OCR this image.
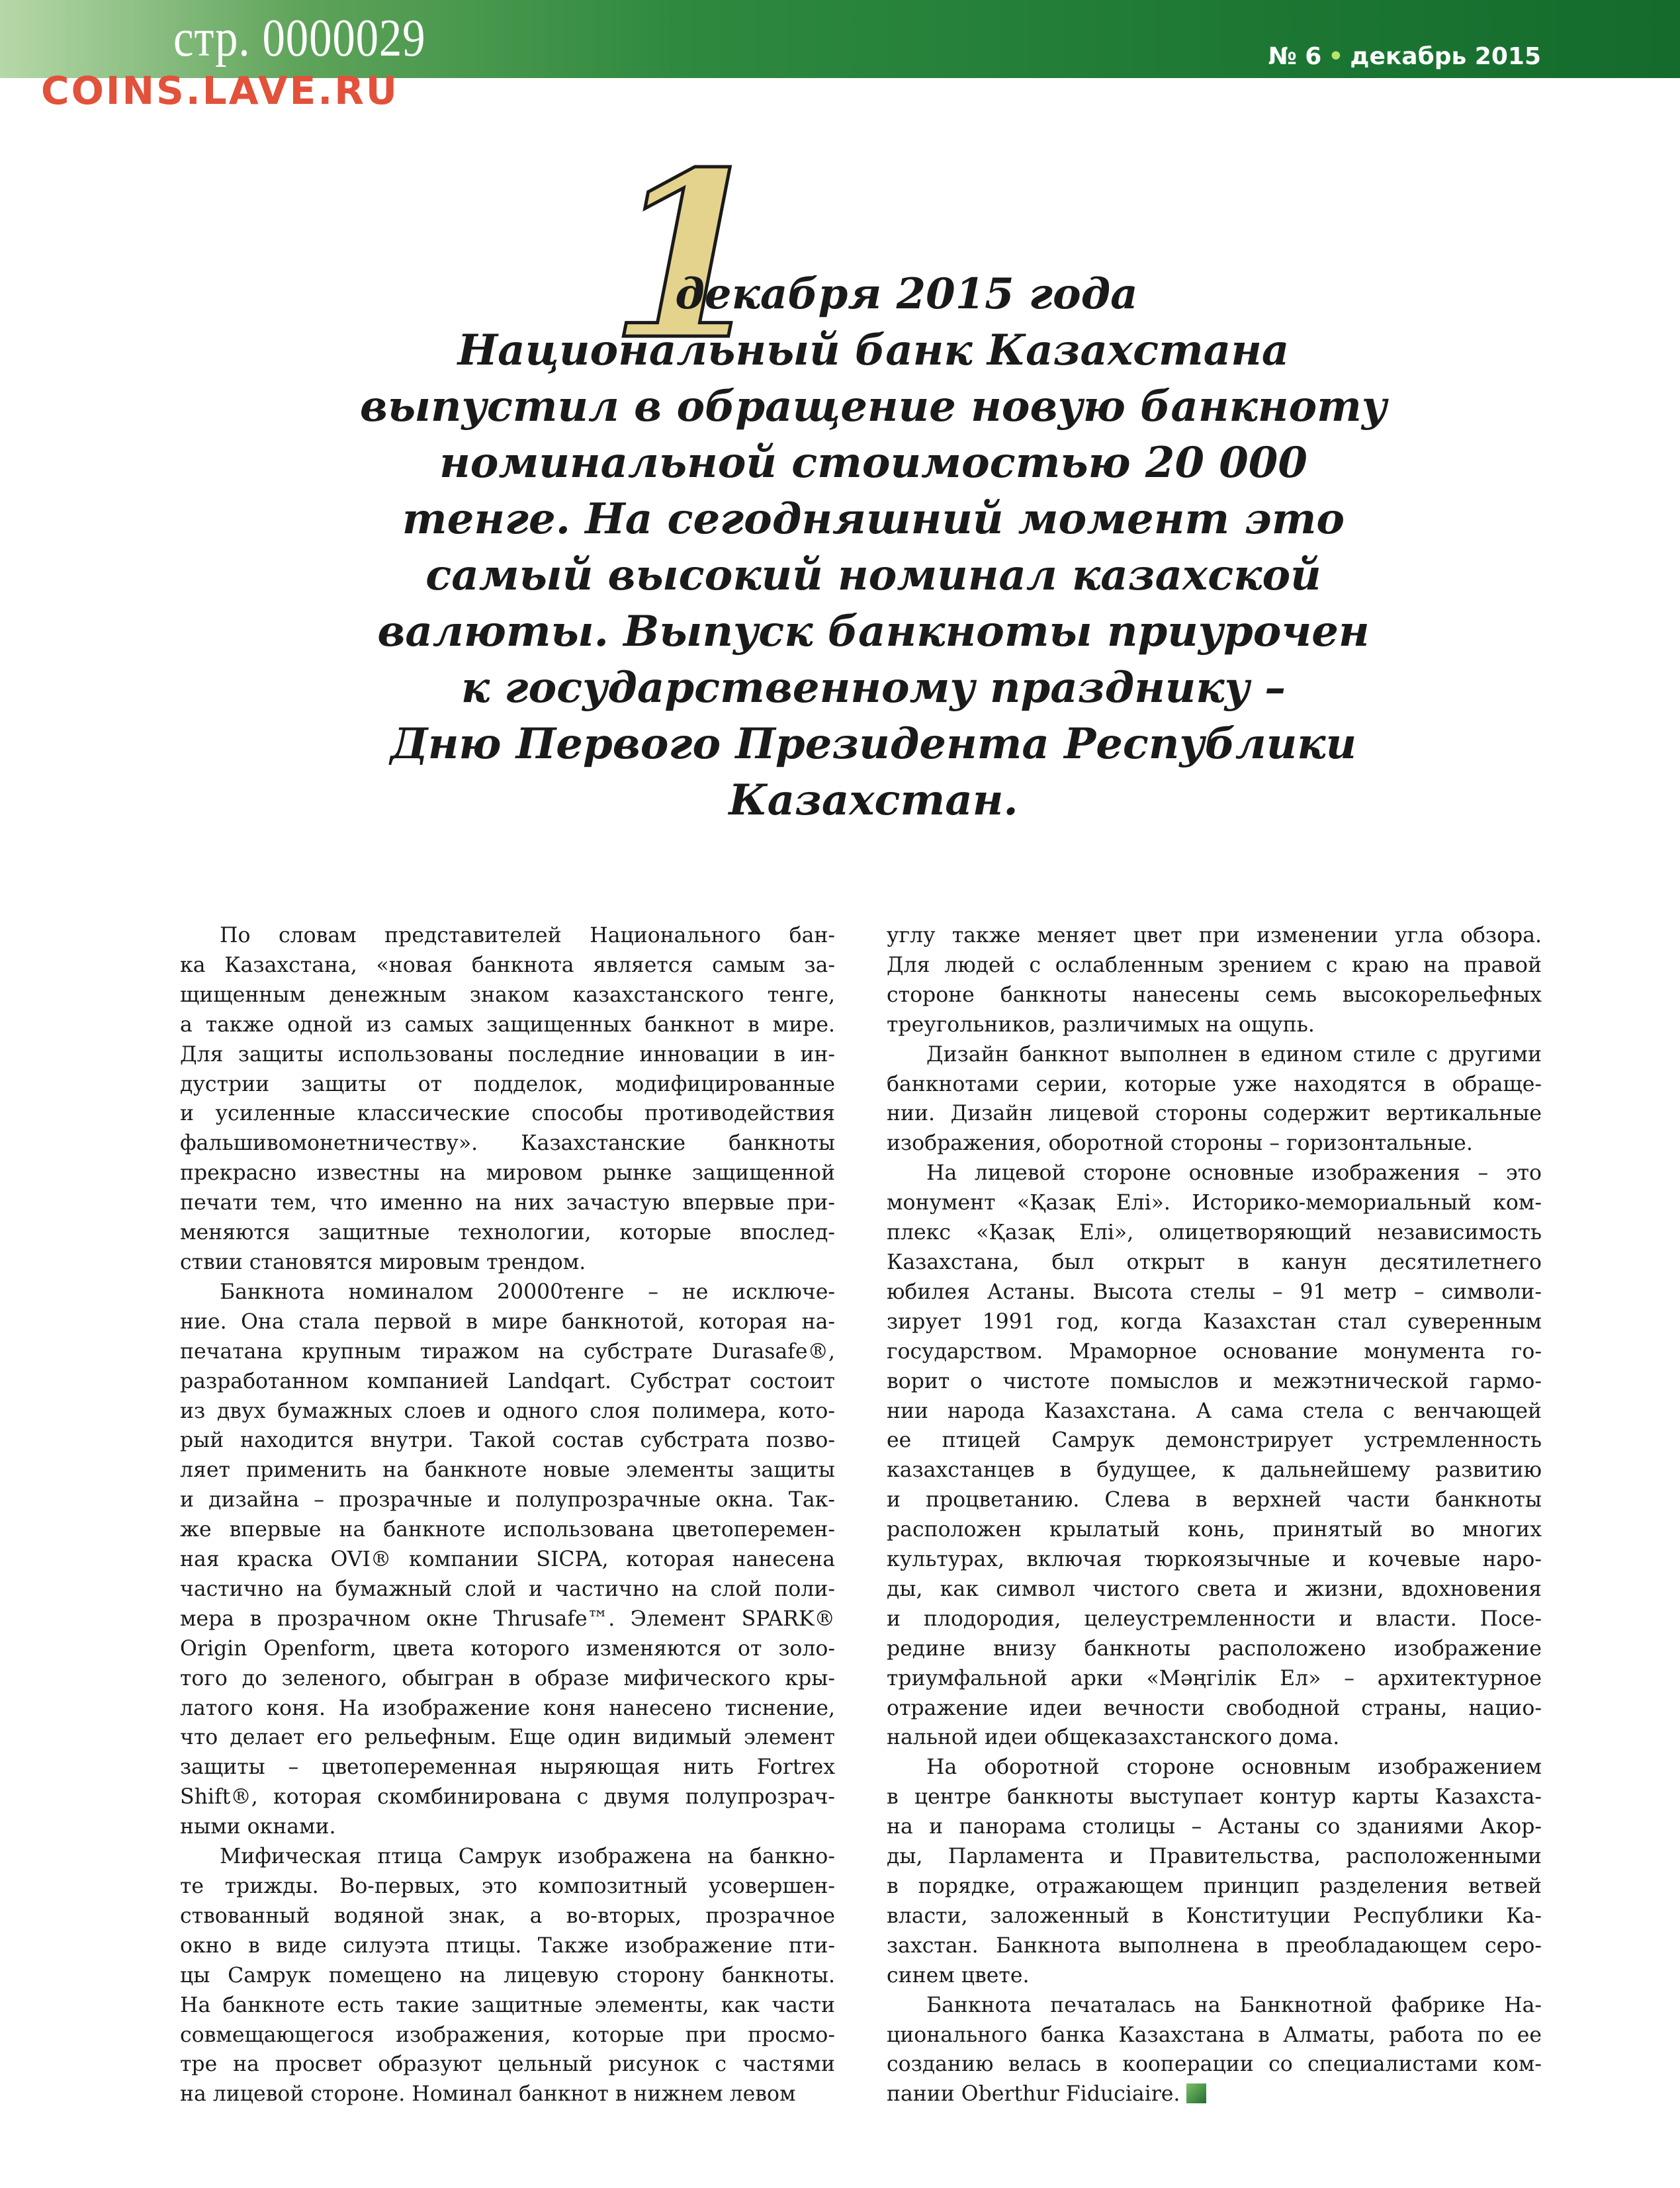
стр. 0000029
COINS.LAVE.RU
№ 6 • декабрь 2015
1
декабря 2015 года
Национальный банк Казахстана
выпустил в обращение новую банкноту
номинальной стоимостью 20 000
тенге. На сегодняшний момент это
самый высокий номинал казахской
валюты. Выпуск банкноты приурочен
к государственному празднику –
Дню Первого Президента Республики
Казахстан.
По словам представителей Национального бан-
ка Казахстана, «новая банкнота является самым за-
щищенным денежным знаком казахстанского тенге,
а также одной из самых защищенных банкнот в мире.
Для защиты использованы последние инновации в ин-
дустрии защиты от подделок, модифицированные
и усиленные классические способы противодействия
фальшивомонетничеству». Казахстанские банкноты
прекрасно известны на мировом рынке защищенной
печати тем, что именно на них зачастую впервые при-
меняются защитные технологии, которые впослед-
ствии становятся мировым трендом.
Банкнота номиналом 20000тенге – не исключе-
ние. Она стала первой в мире банкнотой, которая на-
печатана крупным тиражом на субстрате Durasafe®,
разработанном компанией Landqart. Субстрат состоит
из двух бумажных слоев и одного слоя полимера, кото-
рый находится внутри. Такой состав субстрата позво-
ляет применить на банкноте новые элементы защиты
и дизайна – прозрачные и полупрозрачные окна. Так-
же впервые на банкноте использована цветоперемен-
ная краска OVI® компании SICPA, которая нанесена
частично на бумажный слой и частично на слой поли-
мера в прозрачном окне Thrusafe™. Элемент SPARK®
Origin Openform, цвета которого изменяются от золо-
того до зеленого, обыгран в образе мифического кры-
латого коня. На изображение коня нанесено тиснение,
что делает его рельефным. Еще один видимый элемент
защиты – цветопеременная ныряющая нить Fortrex
Shift®, которая скомбинирована с двумя полупрозрач-
ными окнами.
Мифическая птица Самрук изображена на банкно-
те трижды. Во-первых, это композитный усовершен-
ствованный водяной знак, а во-вторых, прозрачное
окно в виде силуэта птицы. Также изображение пти-
цы Самрук помещено на лицевую сторону банкноты.
На банкноте есть такие защитные элементы, как части
совмещающегося изображения, которые при просмо-
тре на просвет образуют цельный рисунок с частями
на лицевой стороне. Номинал банкнот в нижнем левом
углу также меняет цвет при изменении угла обзора.
Для людей с ослабленным зрением с краю на правой
стороне банкноты нанесены семь высокорельефных
треугольников, различимых на ощупь.
Дизайн банкнот выполнен в едином стиле с другими
банкнотами серии, которые уже находятся в обраще-
нии. Дизайн лицевой стороны содержит вертикальные
изображения, оборотной стороны – горизонтальные.
На лицевой стороне основные изображения – это
монумент «Қазақ Елі». Историко-мемориальный ком-
плекс «Қазақ Елі», олицетворяющий независимость
Казахстана, был открыт в канун десятилетнего
юбилея Астаны. Высота стелы – 91 метр – символи-
зирует 1991 год, когда Казахстан стал суверенным
государством. Мраморное основание монумента го-
ворит о чистоте помыслов и межэтнической гармо-
нии народа Казахстана. А сама стела с венчающей
ее птицей Самрук демонстрирует устремленность
казахстанцев в будущее, к дальнейшему развитию
и процветанию. Слева в верхней части банкноты
расположен крылатый конь, принятый во многих
культурах, включая тюркоязычные и кочевые наро-
ды, как символ чистого света и жизни, вдохновения
и плодородия, целеустремленности и власти. Посе-
редине внизу банкноты расположено изображение
триумфальной арки «Мәңгілік Ел» – архитектурное
отражение идеи вечности свободной страны, нацио-
нальной идеи общеказахстанского дома.
На оборотной стороне основным изображением
в центре банкноты выступает контур карты Казахста-
на и панорама столицы – Астаны со зданиями Акор-
ды, Парламента и Правительства, расположенными
в порядке, отражающем принцип разделения ветвей
власти, заложенный в Конституции Республики Ка-
захстан. Банкнота выполнена в преобладающем серо-
синем цвете.
Банкнота печаталась на Банкнотной фабрике На-
ционального банка Казахстана в Алматы, работа по ее
созданию велась в кооперации со специалистами ком-
пании Oberthur Fiduciaire.
